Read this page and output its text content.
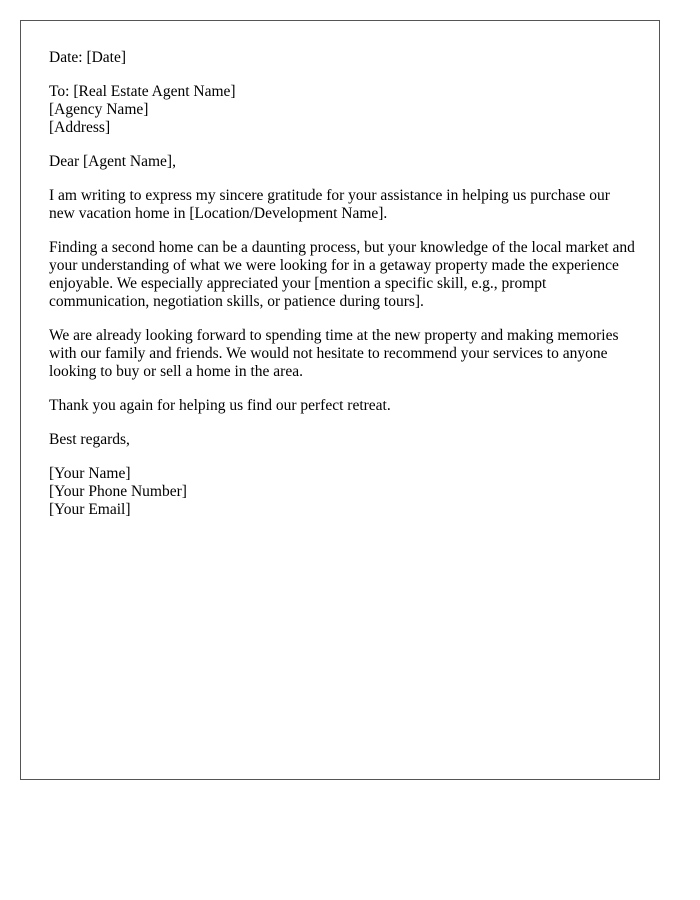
Date: [Date]

To: [Real Estate Agent Name]
[Agency Name]
[Address]

Dear [Agent Name],

I am writing to express my sincere gratitude for your assistance in helping us purchase our new vacation home in [Location/Development Name].

Finding a second home can be a daunting process, but your knowledge of the local market and your understanding of what we were looking for in a getaway property made the experience enjoyable. We especially appreciated your [mention a specific skill, e.g., prompt communication, negotiation skills, or patience during tours].

We are already looking forward to spending time at the new property and making memories with our family and friends. We would not hesitate to recommend your services to anyone looking to buy or sell a home in the area.

Thank you again for helping us find our perfect retreat.

Best regards,

[Your Name]
[Your Phone Number]
[Your Email]
